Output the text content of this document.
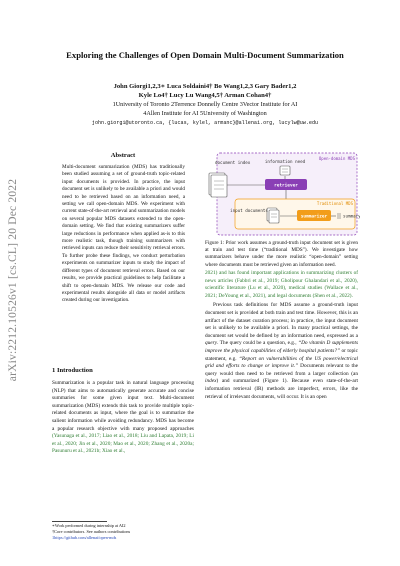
arXiv:2212.10526v1 [cs.CL] 20 Dec 2022
Exploring the Challenges of Open Domain Multi-Document Summarization
John Giorgi1,2,3∗ Luca Soldaini4† Bo Wang1,2,3 Gary Bader1,2
Kyle Lo4† Lucy Lu Wang4,5† Arman Cohan4†
1University of Toronto 2Terrence Donnelly Centre 3Vector Institute for AI
4Allen Institute for AI 5University of Washington
john.giorgi@utoronto.ca, {lucas, kylel, armanc}@allenai.org, lucylw@uw.edu
Abstract
Multi-document summarization (MDS) has traditionally been studied assuming a set of ground-truth topic-related input documents is provided. In practice, the input document set is unlikely to be available a priori and would need to be retrieved based on an information need, a setting we call open-domain MDS. We experiment with current state-of-the-art retrieval and summarization models on several popular MDS datasets extended to the open-domain setting. We find that existing summarizers suffer large reductions in performance when applied as-is to this more realistic task, though training summarizers with retrieved inputs can reduce their sensitivity retrieval errors. To further probe these findings, we conduct perturbation experiments on summarizer inputs to study the impact of different types of document retrieval errors. Based on our results, we provide practical guidelines to help facilitate a shift to open-domain MDS. We release our code and experimental results alongside all data or model artifacts created during our investigation.
1 Introduction
Summarization is a popular task in natural language processing (NLP) that aims to automatically generate accurate and concise summaries for some given input text. Multi-document summarization (MDS) extends this task to provide multiple topic-related documents as input, where the goal is to summarize the salient information while avoiding redundancy. MDS has become a popular research objective with many proposed approaches (Yasunaga et al., 2017; Liao et al., 2018; Liu and Lapata, 2019; Li et al., 2020; Jin et al., 2020; Mao et al., 2020; Zhang et al., 2020a; Pasunuru et al., 2021b; Xiao et al.,
∗Work performed during internship at AI2
†Core contributors. See authors contributions
1https://github.com/allenai/open-mds
Open-domain MDS
document index	information need
retriever
Traditional MDS
input documents
summarizer	summary
Figure 1: Prior work assumes a ground-truth input document set is given at train and test time (“traditional MDS”). We investigate how summarizers behave under the more realistic “open-domain” setting where documents must be retrieved given an information need.

2021) and has found important applications in summarizing clusters of news articles (Fabbri et al., 2019; Gholipour Ghalandari et al., 2020), scientific literature (Lu et al., 2020), medical studies (Wallace et al., 2021; DeYoung et al., 2021), and legal documents (Shen et al., 2022).

Previous task definitions for MDS assume a ground-truth input document set is provided at both train and test time. However, this is an artifact of the dataset curation process; in practice, the input document set is unlikely to be available a priori. In many practical settings, the document set would be defined by an information need, expressed as a query. The query could be a question, e.g., “Do vitamin D supplements improve the physical capabilities of elderly hospital patients?” or topic statement, e.g. “Report on vulnerabilities of the US power/electrical grid and efforts to change or improve it.” Documents relevant to the query would then need to be retrieved from a larger collection (an index) and summarized (Figure 1). Because even state-of-the-art information retrieval (IR) methods are imperfect, errors, like the retrieval of irrelevant documents, will occur. It is an open
